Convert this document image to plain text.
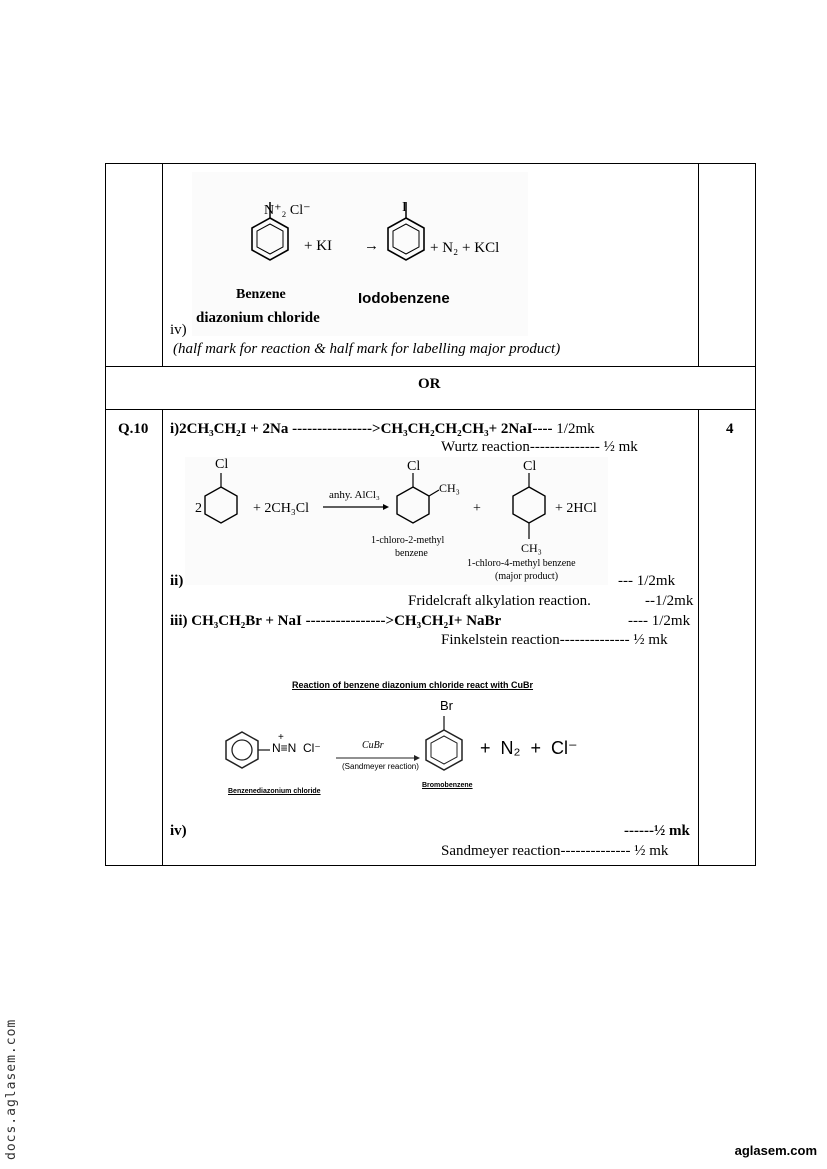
N⁺₂ Cl⁻
+ KI →
I
+ N₂ + KCl
Benzene
diazonium chloride
Iodobenzene
iv)
(half mark for reaction & half mark for labelling major product)
OR
Q.10	4
i)2CH₃CH₂I + 2Na ---------------->CH₃CH₂CH₂CH₃+ 2NaI---- 1/2mk
Wurtz reaction-------------- ½ mk
Cl
2	+ 2CH₃Cl
anhy. AlCl₃
Cl
CH₃
+
Cl
CH₃
+ 2HCl
1-chloro-2-methyl
benzene
1-chloro-4-methyl benzene
(major product)
ii)	--- 1/2mk
Fridelcraft alkylation reaction.	--1/2mk
iii) CH₃CH₂Br + NaI ---------------->CH₃CH₂I+ NaBr	---- 1/2mk
Finkelstein reaction-------------- ½ mk
Reaction of benzene diazonium chloride react with CuBr
+
N≡N  Cl⁻	CuBr
(Sandmeyer reaction)
Br
+  N₂  +  Cl⁻
Benzenediazonium chloride
Bromobenzene
iv)	------½ mk
Sandmeyer reaction-------------- ½ mk
docs.aglasem.com	aglasem.com
